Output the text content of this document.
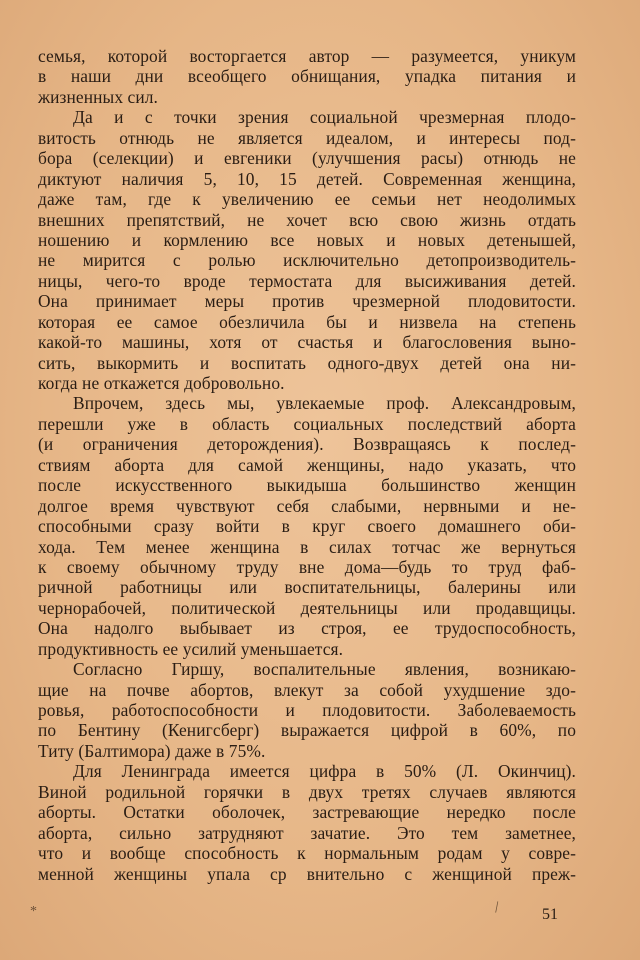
семья, которой восторгается автор — разумеется, уникум
в наши дни всеобщего обнищания, упадка питания и
жизненных сил.
Да и с точки зрения социальной чрезмерная плодо-
витость отнюдь не является идеалом, и интересы под-
бора (селекции) и евгеники (улучшения расы) отнюдь не
диктуют наличия 5, 10, 15 детей. Современная женщина,
даже там, где к увеличению ее семьи нет неодолимых
внешних препятствий, не хочет всю свою жизнь отдать
ношению и кормлению все новых и новых детенышей,
не мирится с ролью исключительно детопроизводитель-
ницы, чего-то вроде термостата для высиживания детей.
Она принимает меры против чрезмерной плодовитости.
которая ее самое обезличила бы и низвела на степень
какой-то машины, хотя от счастья и благословения выно-
сить, выкормить и воспитать одного-двух детей она ни-
когда не откажется добровольно.
Впрочем, здесь мы, увлекаемые проф. Александровым,
перешли уже в область социальных последствий аборта
(и ограничения деторождения). Возвращаясь к послед-
ствиям аборта для самой женщины, надо указать, что
после искусственного выкидыша большинство женщин
долгое время чувствуют себя слабыми, нервными и не-
способными сразу войти в круг своего домашнего оби-
хода. Тем менее женщина в силах тотчас же вернуться
к своему обычному труду вне дома—будь то труд фаб-
ричной работницы или воспитательницы, балерины или
чернорабочей, политической деятельницы или продавщицы.
Она надолго выбывает из строя, ее трудоспособность,
продуктивность ее усилий уменьшается.
Согласно Гиршу, воспалительные явления, возникаю-
щие на почве абортов, влекут за собой ухудшение здо-
ровья, работоспособности и плодовитости. Заболеваемость
по Бентину (Кенигсберг) выражается цифрой в 60%, по
Титу (Балтимора) даже в 75%.
Для Ленинграда имеется цифра в 50% (Л. Окинчиц).
Виной родильной горячки в двух третях случаев являются
аборты. Остатки оболочек, застревающие нередко после
аборта, сильно затрудняют зачатие. Это тем заметнее,
что и вообще способность к нормальным родам у совре-
менной женщины упала ср внительно с женщиной преж-
*	\ 51
